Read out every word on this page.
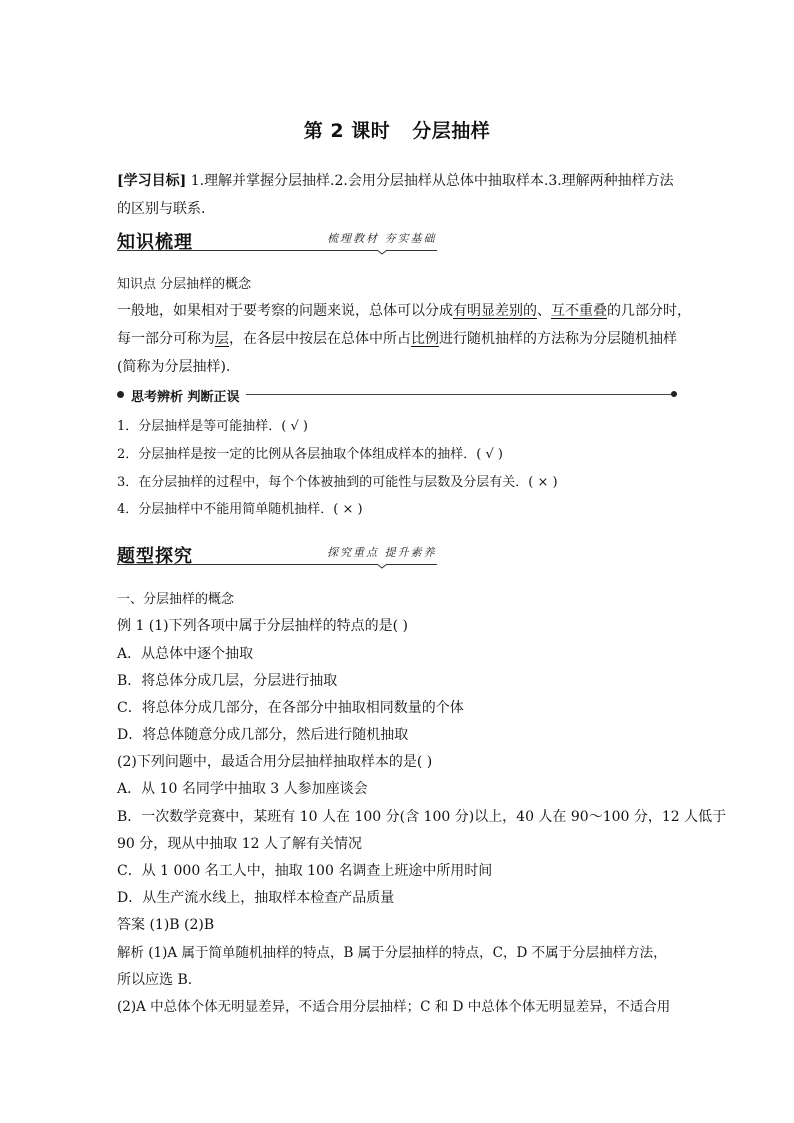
第 2 课时 分层抽样
[学习目标] 1.理解并掌握分层抽样.2.会用分层抽样从总体中抽取样本.3.理解两种抽样方法
的区别与联系.
知识梳理	梳理教材 夯实基础
知识点 分层抽样的概念
一般地，如果相对于要考察的问题来说，总体可以分成有明显差别的、互不重叠的几部分时，
每一部分可称为层，在各层中按层在总体中所占比例进行随机抽样的方法称为分层随机抽样
(简称为分层抽样).
思考辨析 判断正误
1．分层抽样是等可能抽样．( √ )
2．分层抽样是按一定的比例从各层抽取个体组成样本的抽样．( √ )
3．在分层抽样的过程中，每个个体被抽到的可能性与层数及分层有关．( × )
4．分层抽样中不能用简单随机抽样．( × )
题型探究	探究重点 提升素养
一、分层抽样的概念
例 1 (1)下列各项中属于分层抽样的特点的是( )
A．从总体中逐个抽取
B．将总体分成几层，分层进行抽取
C．将总体分成几部分，在各部分中抽取相同数量的个体
D．将总体随意分成几部分，然后进行随机抽取
(2)下列问题中，最适合用分层抽样抽取样本的是( )
A．从 10 名同学中抽取 3 人参加座谈会
B．一次数学竞赛中，某班有 10 人在 100 分(含 100 分)以上，40 人在 90～100 分，12 人低于
90 分，现从中抽取 12 人了解有关情况
C．从 1 000 名工人中，抽取 100 名调查上班途中所用时间
D．从生产流水线上，抽取样本检查产品质量
答案 (1)B (2)B
解析 (1)A 属于简单随机抽样的特点，B 属于分层抽样的特点，C，D 不属于分层抽样方法，
所以应选 B.
(2)A 中总体个体无明显差异，不适合用分层抽样；C 和 D 中总体个体无明显差异，不适合用
